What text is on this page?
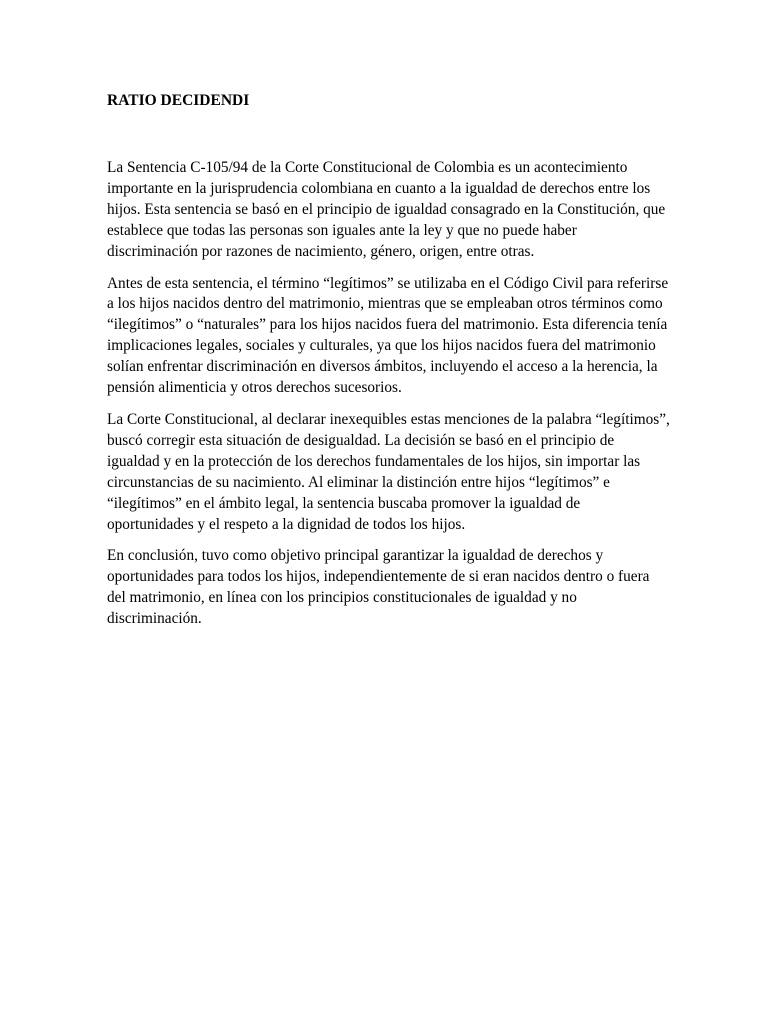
RATIO DECIDENDI

La Sentencia C-105/94 de la Corte Constitucional de Colombia es un acontecimiento
importante en la jurisprudencia colombiana en cuanto a la igualdad de derechos entre los
hijos. Esta sentencia se basó en el principio de igualdad consagrado en la Constitución, que
establece que todas las personas son iguales ante la ley y que no puede haber
discriminación por razones de nacimiento, género, origen, entre otras.

Antes de esta sentencia, el término “legítimos” se utilizaba en el Código Civil para referirse
a los hijos nacidos dentro del matrimonio, mientras que se empleaban otros términos como
“ilegítimos” o “naturales” para los hijos nacidos fuera del matrimonio. Esta diferencia tenía
implicaciones legales, sociales y culturales, ya que los hijos nacidos fuera del matrimonio
solían enfrentar discriminación en diversos ámbitos, incluyendo el acceso a la herencia, la
pensión alimenticia y otros derechos sucesorios.

La Corte Constitucional, al declarar inexequibles estas menciones de la palabra “legítimos”,
buscó corregir esta situación de desigualdad. La decisión se basó en el principio de
igualdad y en la protección de los derechos fundamentales de los hijos, sin importar las
circunstancias de su nacimiento. Al eliminar la distinción entre hijos “legítimos” e
“ilegítimos” en el ámbito legal, la sentencia buscaba promover la igualdad de
oportunidades y el respeto a la dignidad de todos los hijos.

En conclusión, tuvo como objetivo principal garantizar la igualdad de derechos y
oportunidades para todos los hijos, independientemente de si eran nacidos dentro o fuera
del matrimonio, en línea con los principios constitucionales de igualdad y no
discriminación.
